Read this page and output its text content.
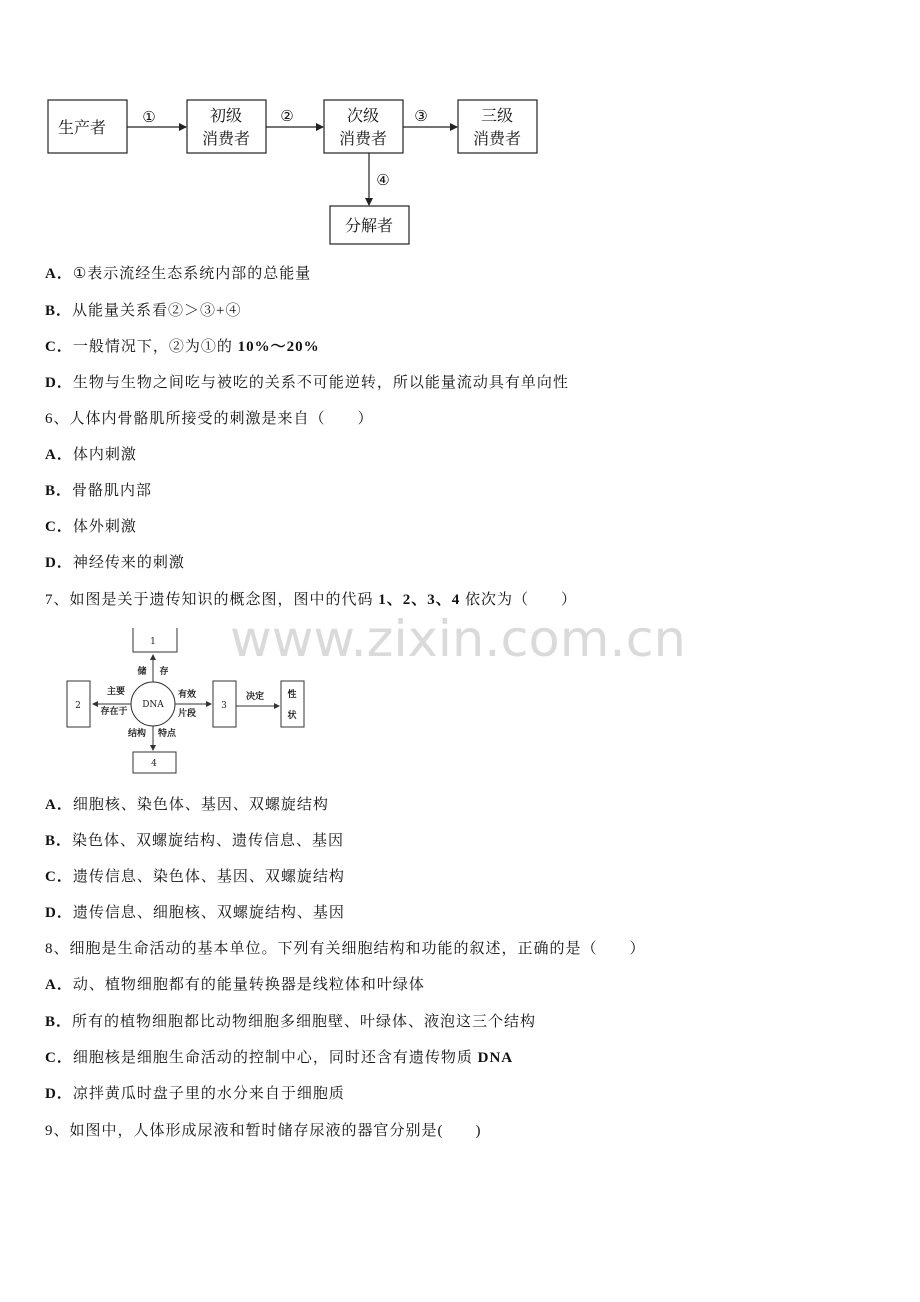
生产者
初级
消费者
次级
消费者
三级
消费者
分解者
①	②	③
④
A．①表示流经生态系统内部的总能量
B．从能量关系看②＞③+④
C．一般情况下，②为①的 10%～20%
D．生物与生物之间吃与被吃的关系不可能逆转，所以能量流动具有单向性
6、人体内骨骼肌所接受的刺激是来自（　　）
A．体内刺激
B．骨骼肌内部
C．体外刺激
D．神经传来的刺激
7、如图是关于遗传知识的概念图，图中的代码 1、2、3、4 依次为（　　）
www.zixin.com.cn
1
储 存
DNA
主要
存在于
2
有效
片段
3
决定	性
状
结构 特点
4
A．细胞核、染色体、基因、双螺旋结构
B．染色体、双螺旋结构、遗传信息、基因
C．遗传信息、染色体、基因、双螺旋结构
D．遗传信息、细胞核、双螺旋结构、基因
8、细胞是生命活动的基本单位。下列有关细胞结构和功能的叙述，正确的是（　　）
A．动、植物细胞都有的能量转换器是线粒体和叶绿体
B．所有的植物细胞都比动物细胞多细胞壁、叶绿体、液泡这三个结构
C．细胞核是细胞生命活动的控制中心，同时还含有遗传物质 DNA
D．凉拌黄瓜时盘子里的水分来自于细胞质
9、如图中，人体形成尿液和暂时储存尿液的器官分别是(　　)
